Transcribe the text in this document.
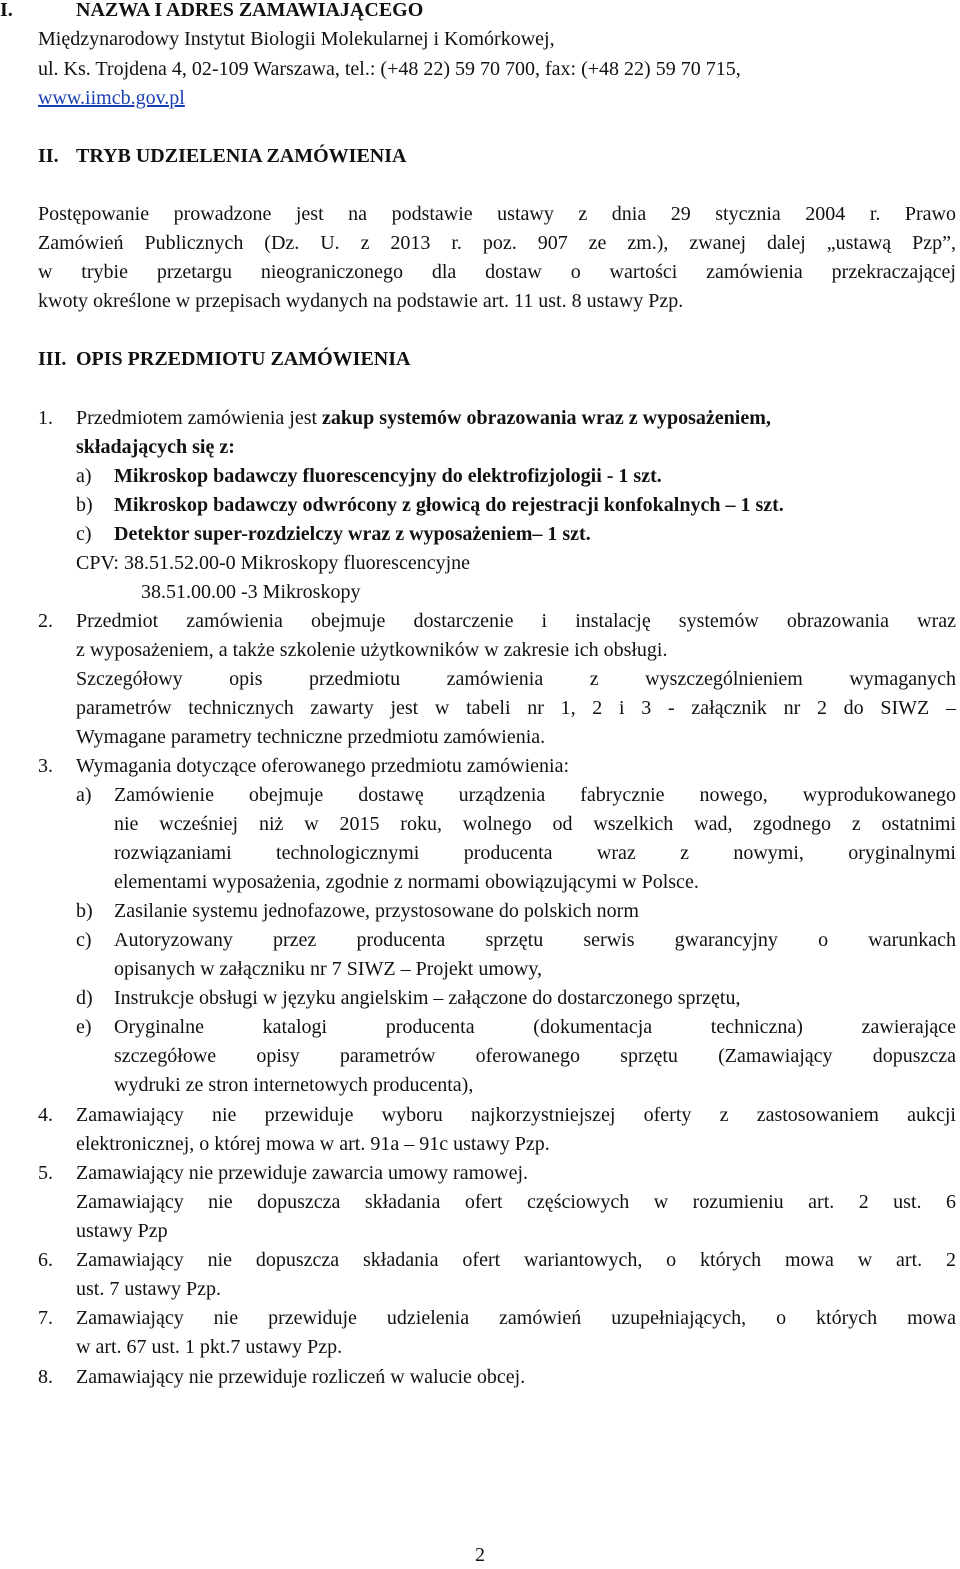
I.	NAZWA I ADRES ZAMAWIAJĄCEGO
Międzynarodowy Instytut Biologii Molekularnej i Komórkowej,
ul. Ks. Trojdena 4, 02-109 Warszawa, tel.: (+48 22) 59 70 700, fax: (+48 22) 59 70 715,
www.iimcb.gov.pl
II. TRYB UDZIELENIA ZAMÓWIENIA
Postępowanie prowadzone jest na podstawie ustawy z dnia 29 stycznia 2004 r. Prawo
Zamówień Publicznych (Dz. U. z 2013 r. poz. 907 ze zm.), zwanej dalej „ustawą Pzp”,
w trybie przetargu nieograniczonego dla dostaw o wartości zamówienia przekraczającej
kwoty określone w przepisach wydanych na podstawie art. 11 ust. 8 ustawy Pzp.
III. OPIS PRZEDMIOTU ZAMÓWIENIA
1. Przedmiotem zamówienia jest zakup systemów obrazowania wraz z wyposażeniem,
składających się z:
a) Mikroskop badawczy fluorescencyjny do elektrofizjologii - 1 szt.
b) Mikroskop badawczy odwrócony z głowicą do rejestracji konfokalnych – 1 szt.
c) Detektor super-rozdzielczy wraz z wyposażeniem– 1 szt.
CPV: 38.51.52.00-0 Mikroskopy fluorescencyjne
38.51.00.00 -3 Mikroskopy
2. Przedmiot zamówienia obejmuje dostarczenie i instalację systemów obrazowania wraz
z wyposażeniem, a także szkolenie użytkowników w zakresie ich obsługi.
Szczegółowy opis przedmiotu zamówienia z wyszczególnieniem wymaganych
parametrów technicznych zawarty jest w tabeli nr 1, 2 i 3 - załącznik nr 2 do SIWZ –
Wymagane parametry techniczne przedmiotu zamówienia.
3. Wymagania dotyczące oferowanego przedmiotu zamówienia:
a) Zamówienie obejmuje dostawę urządzenia fabrycznie nowego, wyprodukowanego
nie wcześniej niż w 2015 roku, wolnego od wszelkich wad, zgodnego z ostatnimi
rozwiązaniami technologicznymi producenta wraz z nowymi, oryginalnymi
elementami wyposażenia, zgodnie z normami obowiązującymi w Polsce.
b) Zasilanie systemu jednofazowe, przystosowane do polskich norm
c) Autoryzowany przez producenta sprzętu serwis gwarancyjny o warunkach
opisanych w załączniku nr 7 SIWZ – Projekt umowy,
d) Instrukcje obsługi w języku angielskim – załączone do dostarczonego sprzętu,
e) Oryginalne katalogi producenta (dokumentacja techniczna) zawierające
szczegółowe opisy parametrów oferowanego sprzętu (Zamawiający dopuszcza
wydruki ze stron internetowych producenta),
4. Zamawiający nie przewiduje wyboru najkorzystniejszej oferty z zastosowaniem aukcji
elektronicznej, o której mowa w art. 91a – 91c ustawy Pzp.
5. Zamawiający nie przewiduje zawarcia umowy ramowej.
Zamawiający nie dopuszcza składania ofert częściowych w rozumieniu art. 2 ust. 6
ustawy Pzp
6. Zamawiający nie dopuszcza składania ofert wariantowych, o których mowa w art. 2
ust. 7 ustawy Pzp.
7. Zamawiający nie przewiduje udzielenia zamówień uzupełniających, o których mowa
w art. 67 ust. 1 pkt.7 ustawy Pzp.
8. Zamawiający nie przewiduje rozliczeń w walucie obcej.
2
